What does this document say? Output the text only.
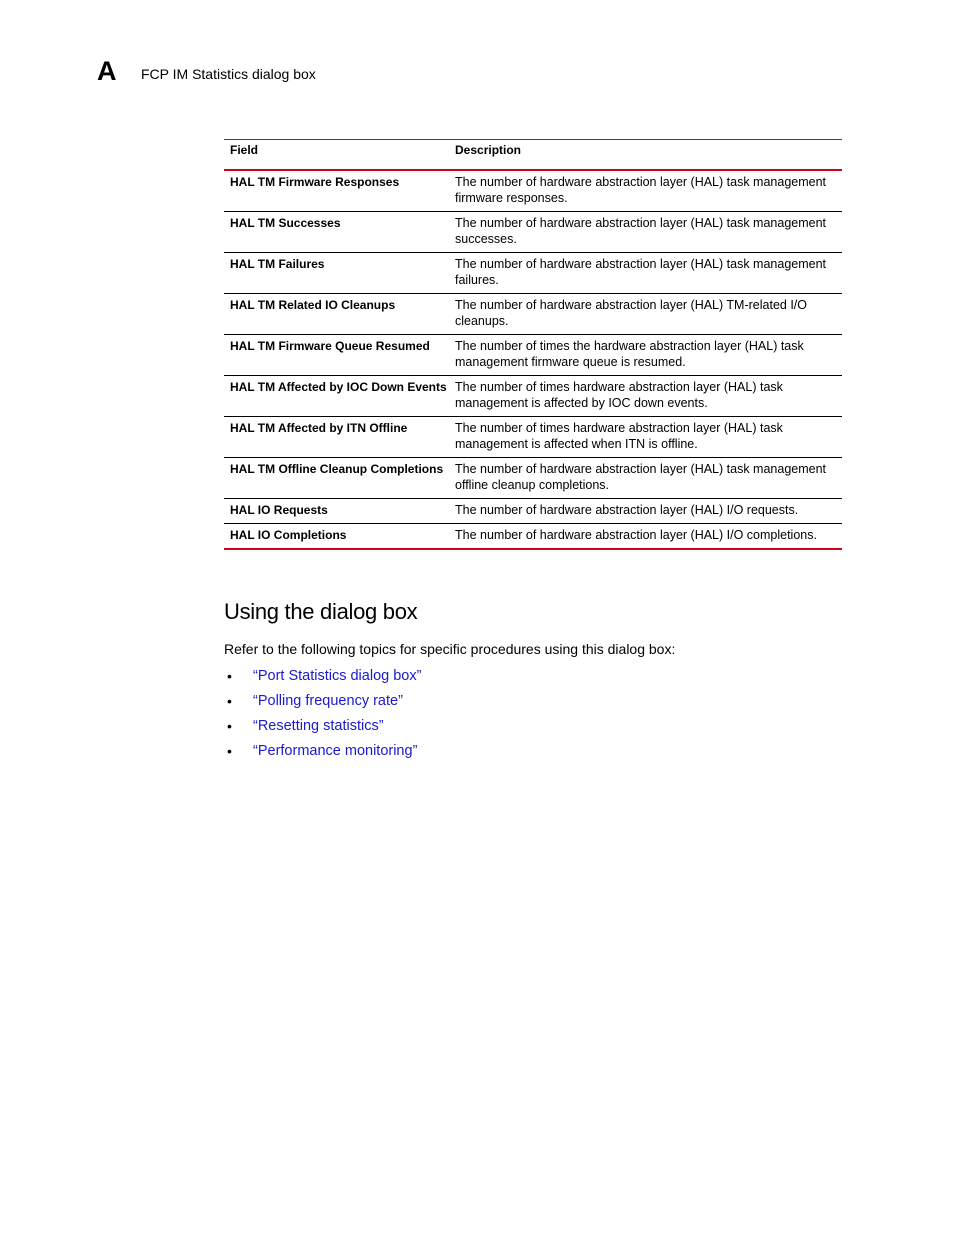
A FCP IM Statistics dialog box
Field	Description
HAL TM Firmware Responses	The number of hardware abstraction layer (HAL) task management firmware responses.
HAL TM Successes	The number of hardware abstraction layer (HAL) task management successes.
HAL TM Failures	The number of hardware abstraction layer (HAL) task management failures.
HAL TM Related IO Cleanups	The number of hardware abstraction layer (HAL) TM-related I/O cleanups.
HAL TM Firmware Queue Resumed	The number of times the hardware abstraction layer (HAL) task management firmware queue is resumed.
HAL TM Affected by IOC Down Events	The number of times hardware abstraction layer (HAL) task management is affected by IOC down events.
HAL TM Affected by ITN Offline	The number of times hardware abstraction layer (HAL) task management is affected when ITN is offline.
HAL TM Offline Cleanup Completions	The number of hardware abstraction layer (HAL) task management offline cleanup completions.
HAL IO Requests	The number of hardware abstraction layer (HAL) I/O requests.
HAL IO Completions	The number of hardware abstraction layer (HAL) I/O completions.
Using the dialog box

Refer to the following topics for specific procedures using this dialog box:

• “Port Statistics dialog box”
• “Polling frequency rate”
• “Resetting statistics”
• “Performance monitoring”
